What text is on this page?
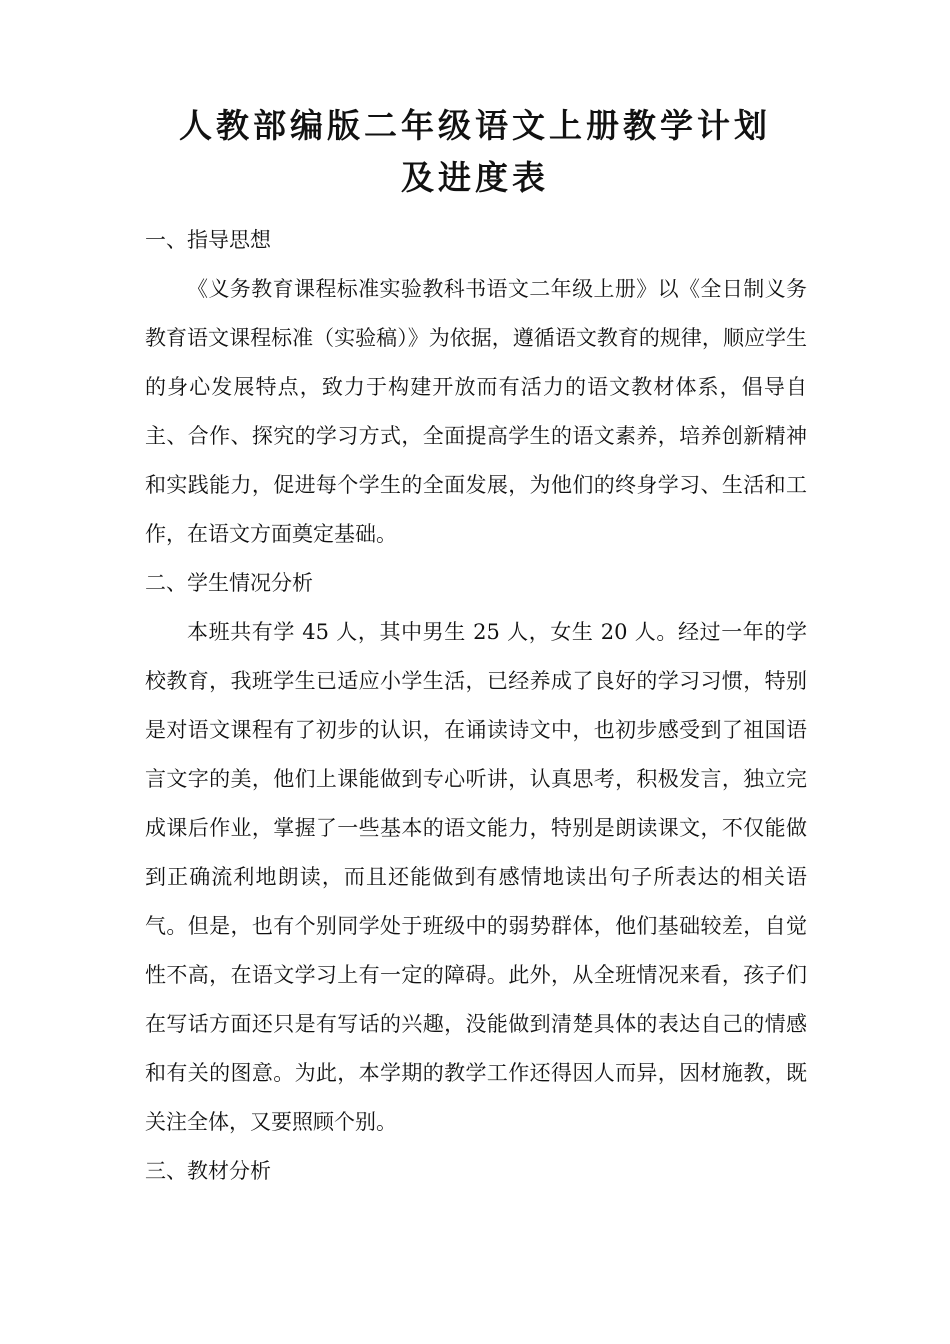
人教部编版二年级语文上册教学计划
及进度表

一、指导思想

《义务教育课程标准实验教科书语文二年级上册》以《全日制义务教育语文课程标准（实验稿）》为依据，遵循语文教育的规律，顺应学生的身心发展特点，致力于构建开放而有活力的语文教材体系，倡导自主、合作、探究的学习方式，全面提高学生的语文素养，培养创新精神和实践能力，促进每个学生的全面发展，为他们的终身学习、生活和工作，在语文方面奠定基础。

二、学生情况分析

本班共有学 45 人，其中男生 25 人，女生 20 人。经过一年的学校教育，我班学生已适应小学生活，已经养成了良好的学习习惯，特别是对语文课程有了初步的认识，在诵读诗文中，也初步感受到了祖国语言文字的美，他们上课能做到专心听讲，认真思考，积极发言，独立完成课后作业，掌握了一些基本的语文能力，特别是朗读课文，不仅能做到正确流利地朗读，而且还能做到有感情地读出句子所表达的相关语气。但是，也有个别同学处于班级中的弱势群体，他们基础较差，自觉性不高，在语文学习上有一定的障碍。此外，从全班情况来看，孩子们在写话方面还只是有写话的兴趣，没能做到清楚具体的表达自己的情感和有关的图意。为此，本学期的教学工作还得因人而异，因材施教，既关注全体，又要照顾个别。

三、教材分析
